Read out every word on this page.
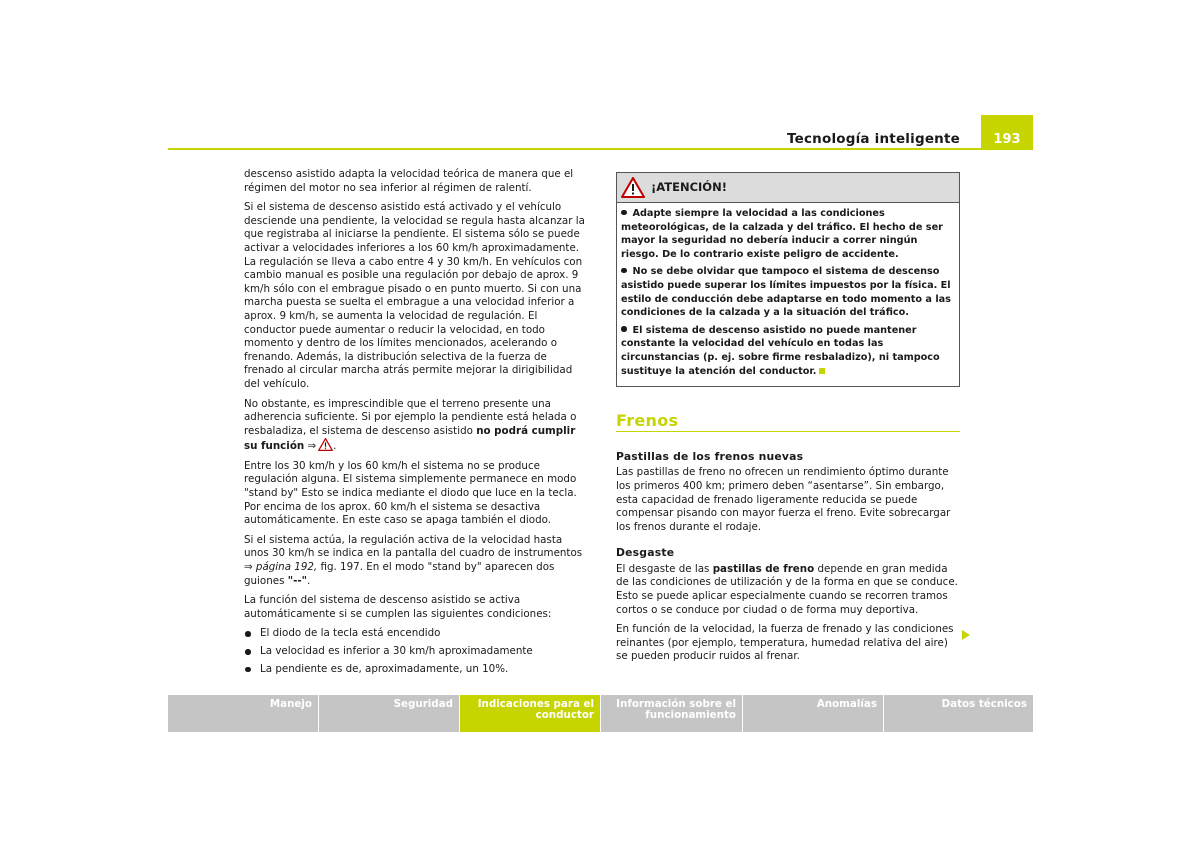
Tecnología inteligente	193

descenso asistido adapta la velocidad teórica de manera que el régimen del motor no sea inferior al régimen de ralentí.

Si el sistema de descenso asistido está activado y el vehículo desciende una pendiente, la velocidad se regula hasta alcanzar la que registraba al iniciarse la pendiente. El sistema sólo se puede activar a velocidades inferiores a los 60 km/h aproximadamente. La regulación se lleva a cabo entre 4 y 30 km/h. En vehículos con cambio manual es posible una regulación por debajo de aprox. 9 km/h sólo con el embrague pisado o en punto muerto. Si con una marcha puesta se suelta el embrague a una velocidad inferior a aprox. 9 km/h, se aumenta la velocidad de regulación. El conductor puede aumentar o reducir la velocidad, en todo momento y dentro de los límites mencionados, acelerando o frenando. Además, la distribución selectiva de la fuerza de frenado al circular marcha atrás permite mejorar la dirigibilidad del vehículo.

No obstante, es imprescindible que el terreno presente una adherencia suficiente. Si por ejemplo la pendiente está helada o resbaladiza, el sistema de descenso asistido no podrá cumplir su función ⇒ .

Entre los 30 km/h y los 60 km/h el sistema no se produce regulación alguna. El sistema simplemente permanece en modo "stand by" Esto se indica mediante el diodo que luce en la tecla. Por encima de los aprox. 60 km/h el sistema se desactiva automáticamente. En este caso se apaga también el diodo.

Si el sistema actúa, la regulación activa de la velocidad hasta unos 30 km/h se indica en la pantalla del cuadro de instrumentos
⇒ página 192, fig. 197. En el modo "stand by" aparecen dos guiones "--".

La función del sistema de descenso asistido se activa automáticamente si se cumplen las siguientes condiciones:

El diodo de la tecla está encendido
La velocidad es inferior a 30 km/h aproximadamente
La pendiente es de, aproximadamente, un 10%.
¡ATENCIÓN!

Adapte siempre la velocidad a las condiciones meteorológicas, de la calzada y del tráfico. El hecho de ser mayor la seguridad no debería inducir a correr ningún riesgo. De lo contrario existe peligro de accidente.

No se debe olvidar que tampoco el sistema de descenso asistido puede superar los límites impuestos por la física. El estilo de conducción debe adaptarse en todo momento a las condiciones de la calzada y a la situación del tráfico.

El sistema de descenso asistido no puede mantener constante la velocidad del vehículo en todas las circunstancias (p. ej. sobre firme resbaladizo), ni tampoco sustituye la atención del conductor.

Frenos
Pastillas de los frenos nuevas

Las pastillas de freno no ofrecen un rendimiento óptimo durante los primeros 400 km; primero deben “asentarse”. Sin embargo, esta capacidad de frenado ligeramente reducida se puede compensar pisando con mayor fuerza el freno. Evite sobrecargar los frenos durante el rodaje.

Desgaste

El desgaste de las pastillas de freno depende en gran medida de las condiciones de utilización y de la forma en que se conduce. Esto se puede aplicar especialmente cuando se recorren tramos cortos o se conduce por ciudad o de forma muy deportiva.

En función de la velocidad, la fuerza de frenado y las condiciones reinantes (por ejemplo, temperatura, humedad relativa del aire) se pueden producir ruidos al frenar.

Manejo	Seguridad	Indicaciones para el
conductor
Información sobre el
funcionamiento
Anomalías	Datos técnicos
